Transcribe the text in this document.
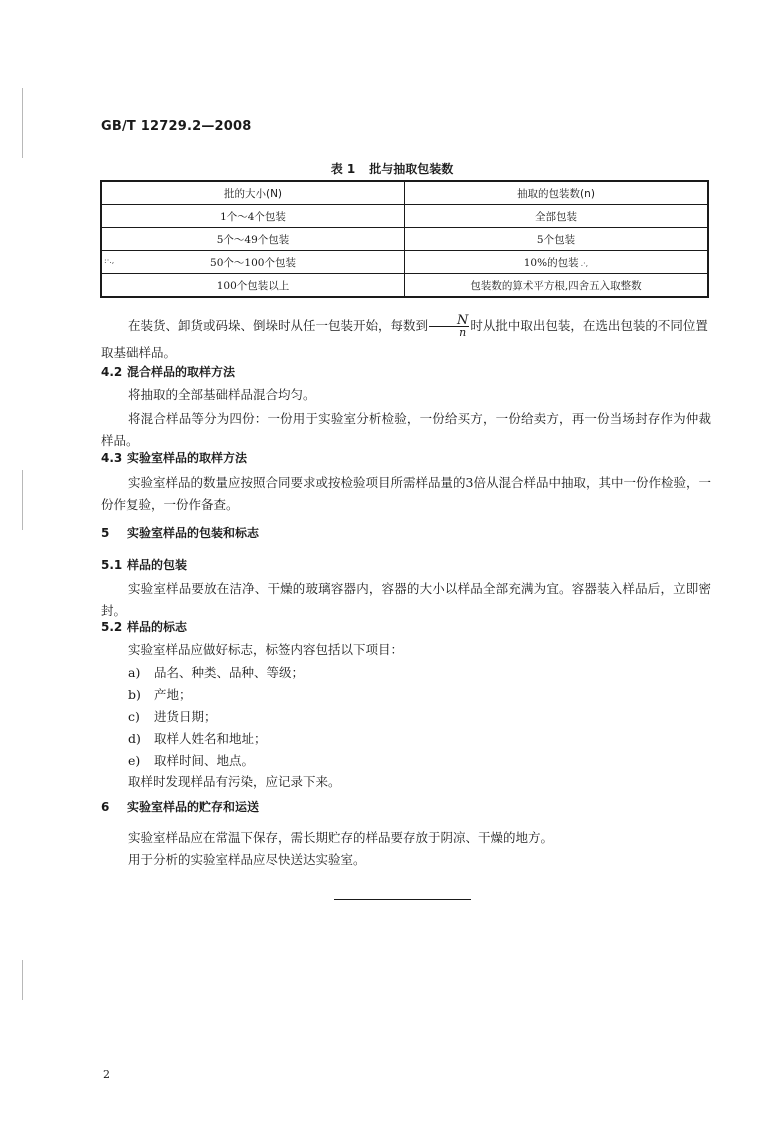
GB/T 12729.2—2008
表 1 批与抽取包装数
批的大小(N)	抽取的包装数(n)
1个～4个包装	全部包装
5个～49个包装	5个包装

:·., 50个～100个包装	10%的包装 .·,
100个包装以上	包装数的算术平方根,四舍五入取整数
在装货、卸货或码垛、倒垛时从任一包装开始，每数到 $\frac{N}{n}$ 时从批中取出包装，在选出包装的不同位置
取基础样品。
4.2 混合样品的取样方法
将抽取的全部基础样品混合均匀。
将混合样品等分为四份：一份用于实验室分析检验，一份给买方，一份给卖方，再一份当场封存作为仲裁样品。
4.3 实验室样品的取样方法
实验室样品的数量应按照合同要求或按检验项目所需样品量的3倍从混合样品中抽取，其中一份作检验，一份作复验，一份作备查。
5 实验室样品的包装和标志
5.1 样品的包装
实验室样品要放在洁净、干燥的玻璃容器内，容器的大小以样品全部充满为宜。容器装入样品后，立即密封。
5.2 样品的标志
实验室样品应做好标志，标签内容包括以下项目：
a) 品名、种类、品种、等级；
b) 产地；
c) 进货日期；
d) 取样人姓名和地址；
e) 取样时间、地点。
取样时发现样品有污染，应记录下来。
6 实验室样品的贮存和运送
实验室样品应在常温下保存，需长期贮存的样品要存放于阴凉、干燥的地方。
用于分析的实验室样品应尽快送达实验室。
2
